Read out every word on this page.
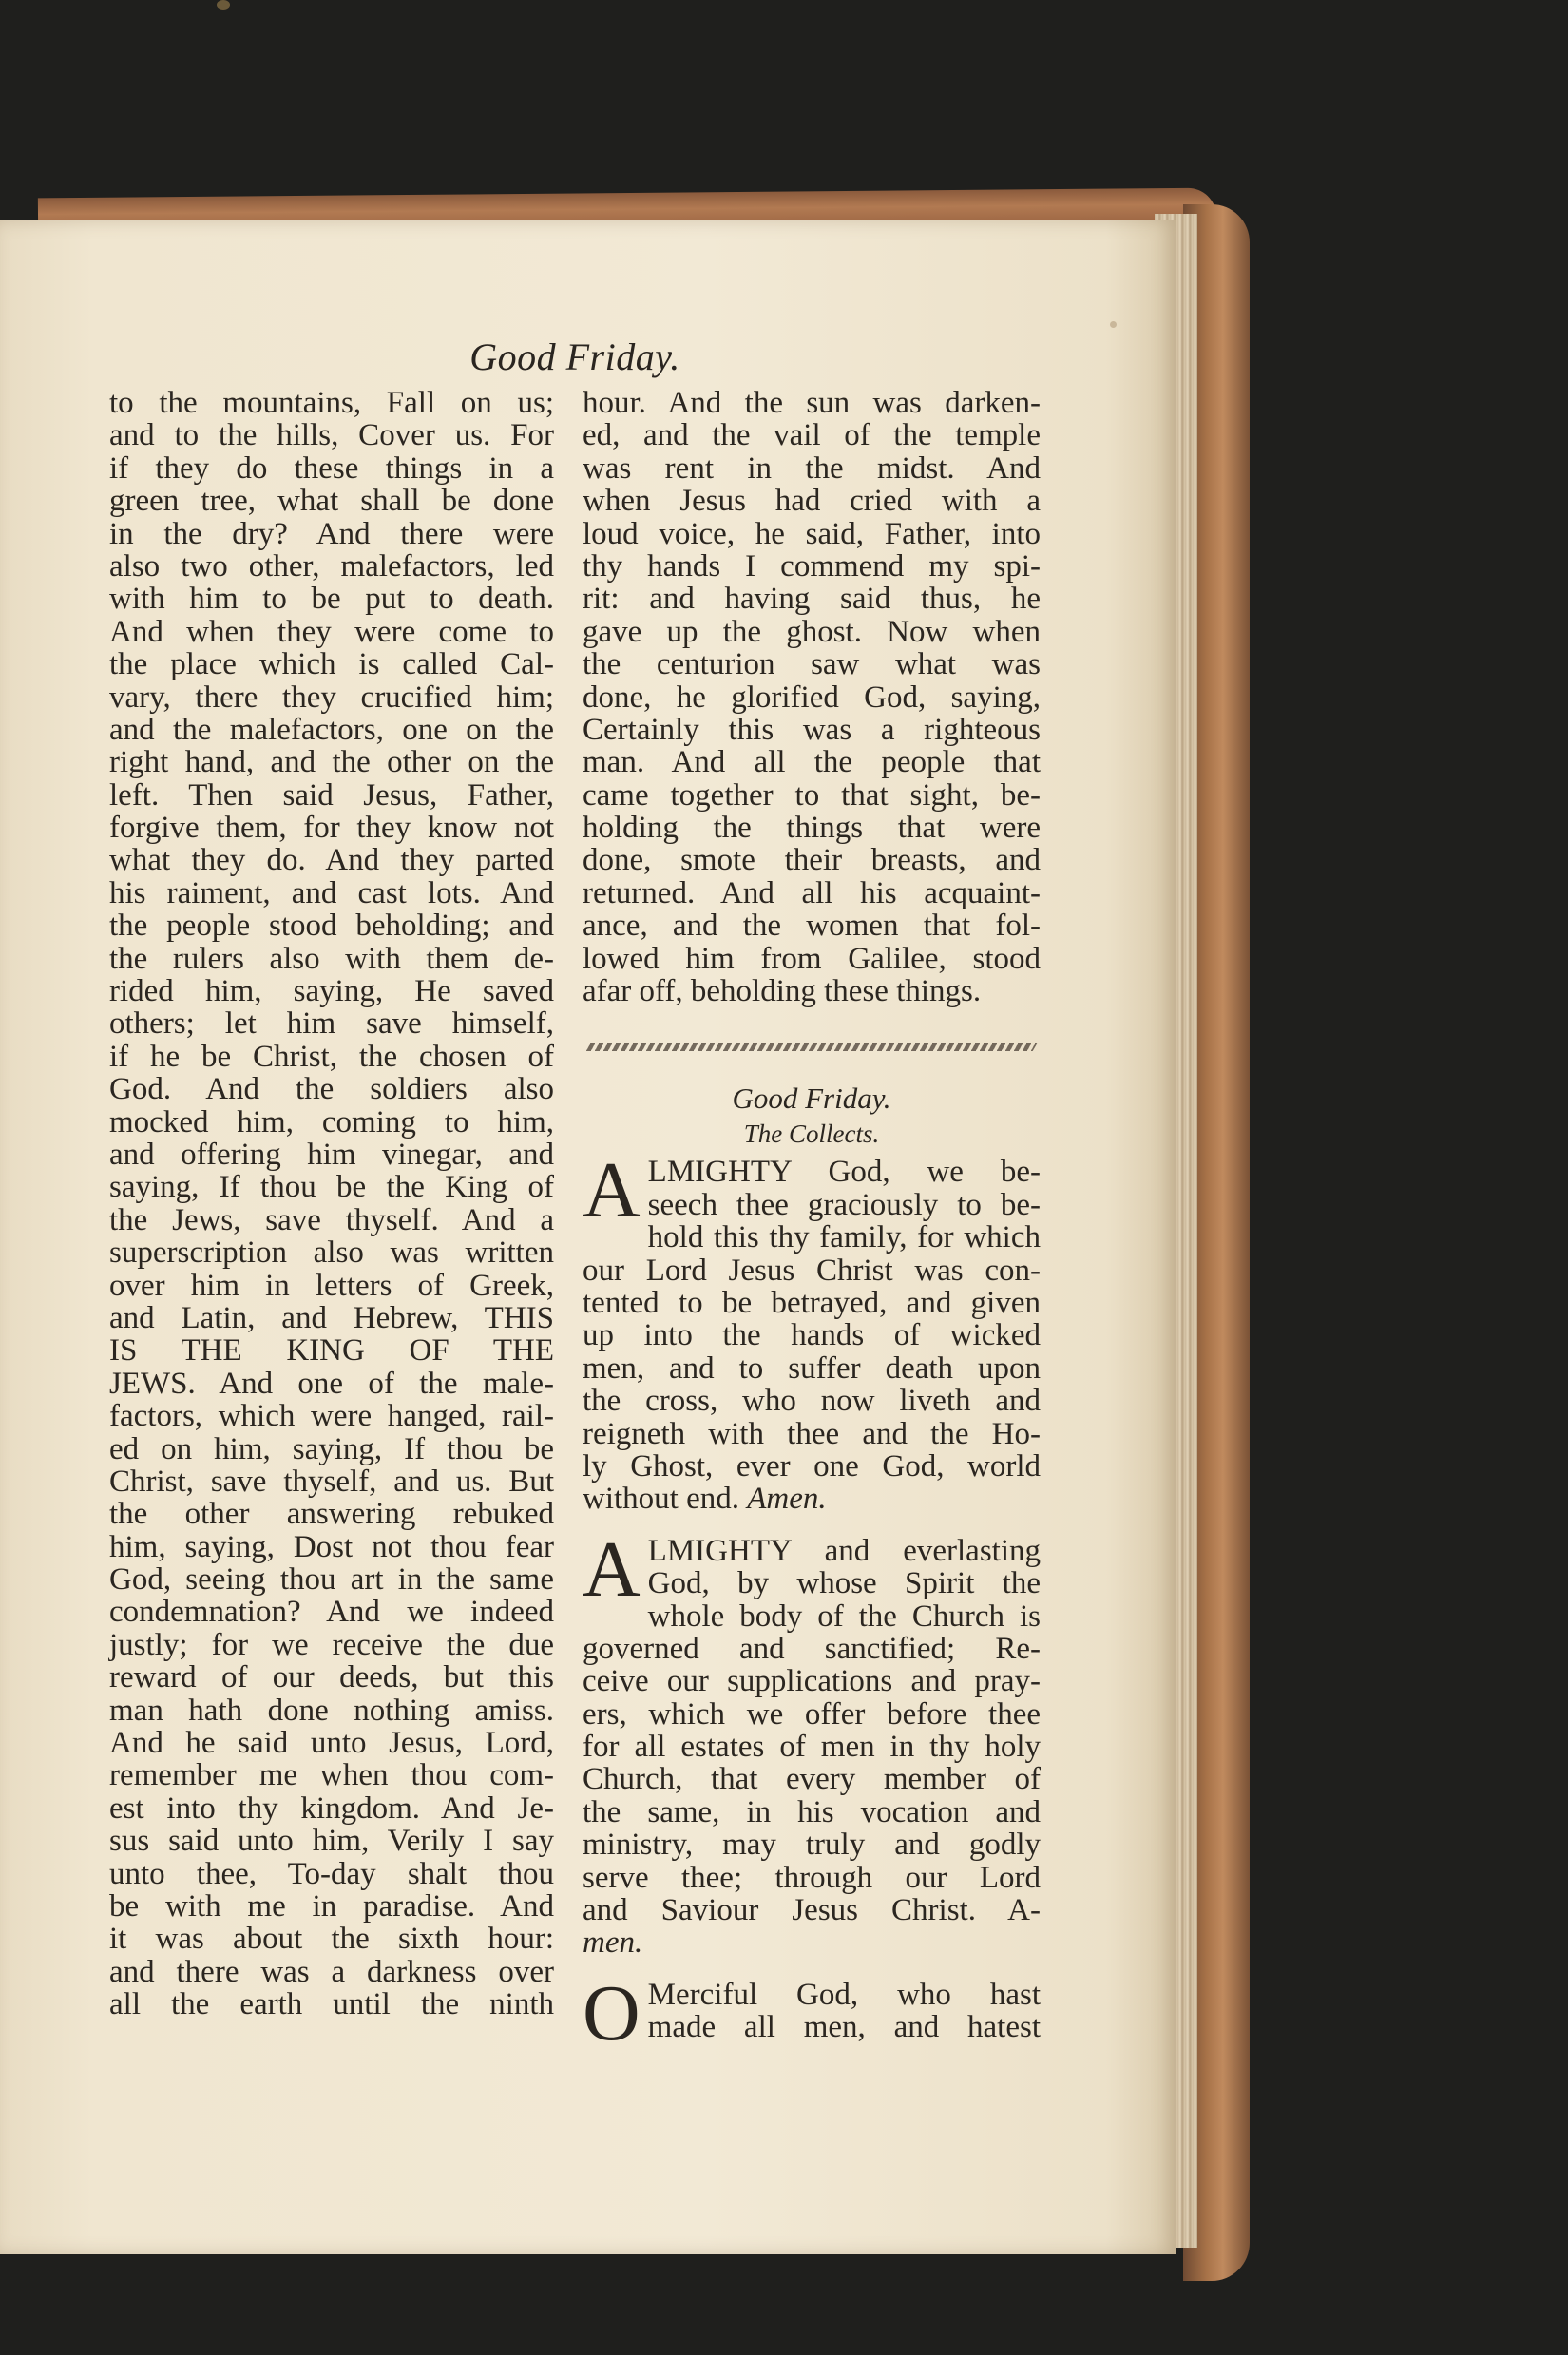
Good Friday.
to the mountains, Fall on us;
and to the hills, Cover us. For
if they do these things in a
green tree, what shall be done
in the dry? And there were
also two other, malefactors, led
with him to be put to death.
And when they were come to
the place which is called Cal-
vary, there they crucified him;
and the malefactors, one on the
right hand, and the other on the
left. Then said Jesus, Father,
forgive them, for they know not
what they do. And they parted
his raiment, and cast lots. And
the people stood beholding; and
the rulers also with them de-
rided him, saying, He saved
others; let him save himself,
if he be Christ, the chosen of
God. And the soldiers also
mocked him, coming to him,
and offering him vinegar, and
saying, If thou be the King of
the Jews, save thyself. And a
superscription also was written
over him in letters of Greek,
and Latin, and Hebrew, THIS
IS THE KING OF THE
JEWS. And one of the male-
factors, which were hanged, rail-
ed on him, saying, If thou be
Christ, save thyself, and us. But
the other answering rebuked
him, saying, Dost not thou fear
God, seeing thou art in the same
condemnation? And we indeed
justly; for we receive the due
reward of our deeds, but this
man hath done nothing amiss.
And he said unto Jesus, Lord,
remember me when thou com-
est into thy kingdom. And Je-
sus said unto him, Verily I say
unto thee, To-day shalt thou
be with me in paradise. And
it was about the sixth hour:
and there was a darkness over
all the earth until the ninth
hour. And the sun was darken-
ed, and the vail of the temple
was rent in the midst. And
when Jesus had cried with a
loud voice, he said, Father, into
thy hands I commend my spi-
rit: and having said thus, he
gave up the ghost. Now when
the centurion saw what was
done, he glorified God, saying,
Certainly this was a righteous
man. And all the people that
came together to that sight, be-
holding the things that were
done, smote their breasts, and
returned. And all his acquaint-
ance, and the women that fol-
lowed him from Galilee, stood
afar off, beholding these things.
Good Friday.
The Collects.
A LMIGHTY God, we be-
seech thee graciously to be-
hold this thy family, for which
our Lord Jesus Christ was con-
tented to be betrayed, and given
up into the hands of wicked
men, and to suffer death upon
the cross, who now liveth and
reigneth with thee and the Ho-
ly Ghost, ever one God, world
without end. Amen.
A LMIGHTY and everlasting
God, by whose Spirit the
whole body of the Church is
governed and sanctified; Re-
ceive our supplications and pray-
ers, which we offer before thee
for all estates of men in thy holy
Church, that every member of
the same, in his vocation and
ministry, may truly and godly
serve thee; through our Lord
and Saviour Jesus Christ. A-
men.
O Merciful God, who hast
made all men, and hatest
